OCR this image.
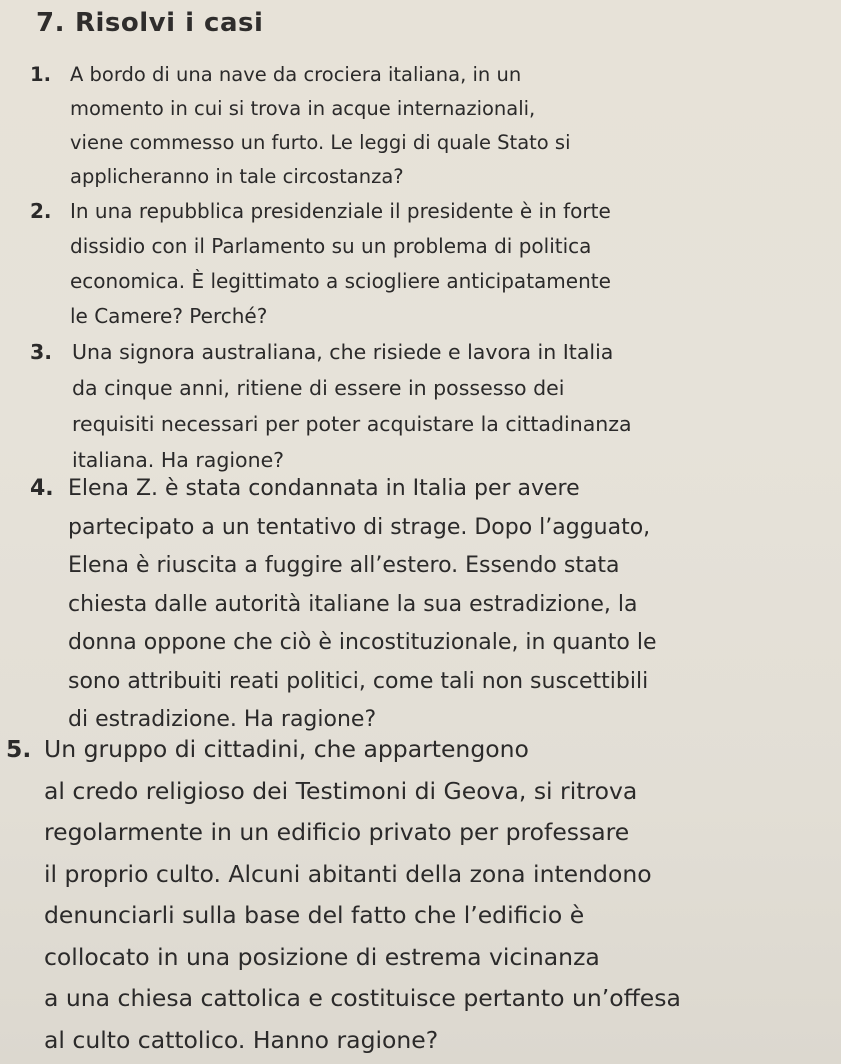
7. Risolvi i casi
1. A bordo di una nave da crociera italiana, in un
momento in cui si trova in acque internazionali,
viene commesso un furto. Le leggi di quale Stato si
applicheranno in tale circostanza?
2. In una repubblica presidenziale il presidente è in forte
dissidio con il Parlamento su un problema di politica
economica. È legittimato a sciogliere anticipatamente
le Camere? Perché?
3. Una signora australiana, che risiede e lavora in Italia
da cinque anni, ritiene di essere in possesso dei
requisiti necessari per poter acquistare la cittadinanza
italiana. Ha ragione?
4. Elena Z. è stata condannata in Italia per avere
partecipato a un tentativo di strage. Dopo l’agguato,
Elena è riuscita a fuggire all’estero. Essendo stata
chiesta dalle autorità italiane la sua estradizione, la
donna oppone che ciò è incostituzionale, in quanto le
sono attribuiti reati politici, come tali non suscettibili
di estradizione. Ha ragione?
5. Un gruppo di cittadini, che appartengono
al credo religioso dei Testimoni di Geova, si ritrova
regolarmente in un edificio privato per professare
il proprio culto. Alcuni abitanti della zona intendono
denunciarli sulla base del fatto che l’edificio è
collocato in una posizione di estrema vicinanza
a una chiesa cattolica e costituisce pertanto un’offesa
al culto cattolico. Hanno ragione?
